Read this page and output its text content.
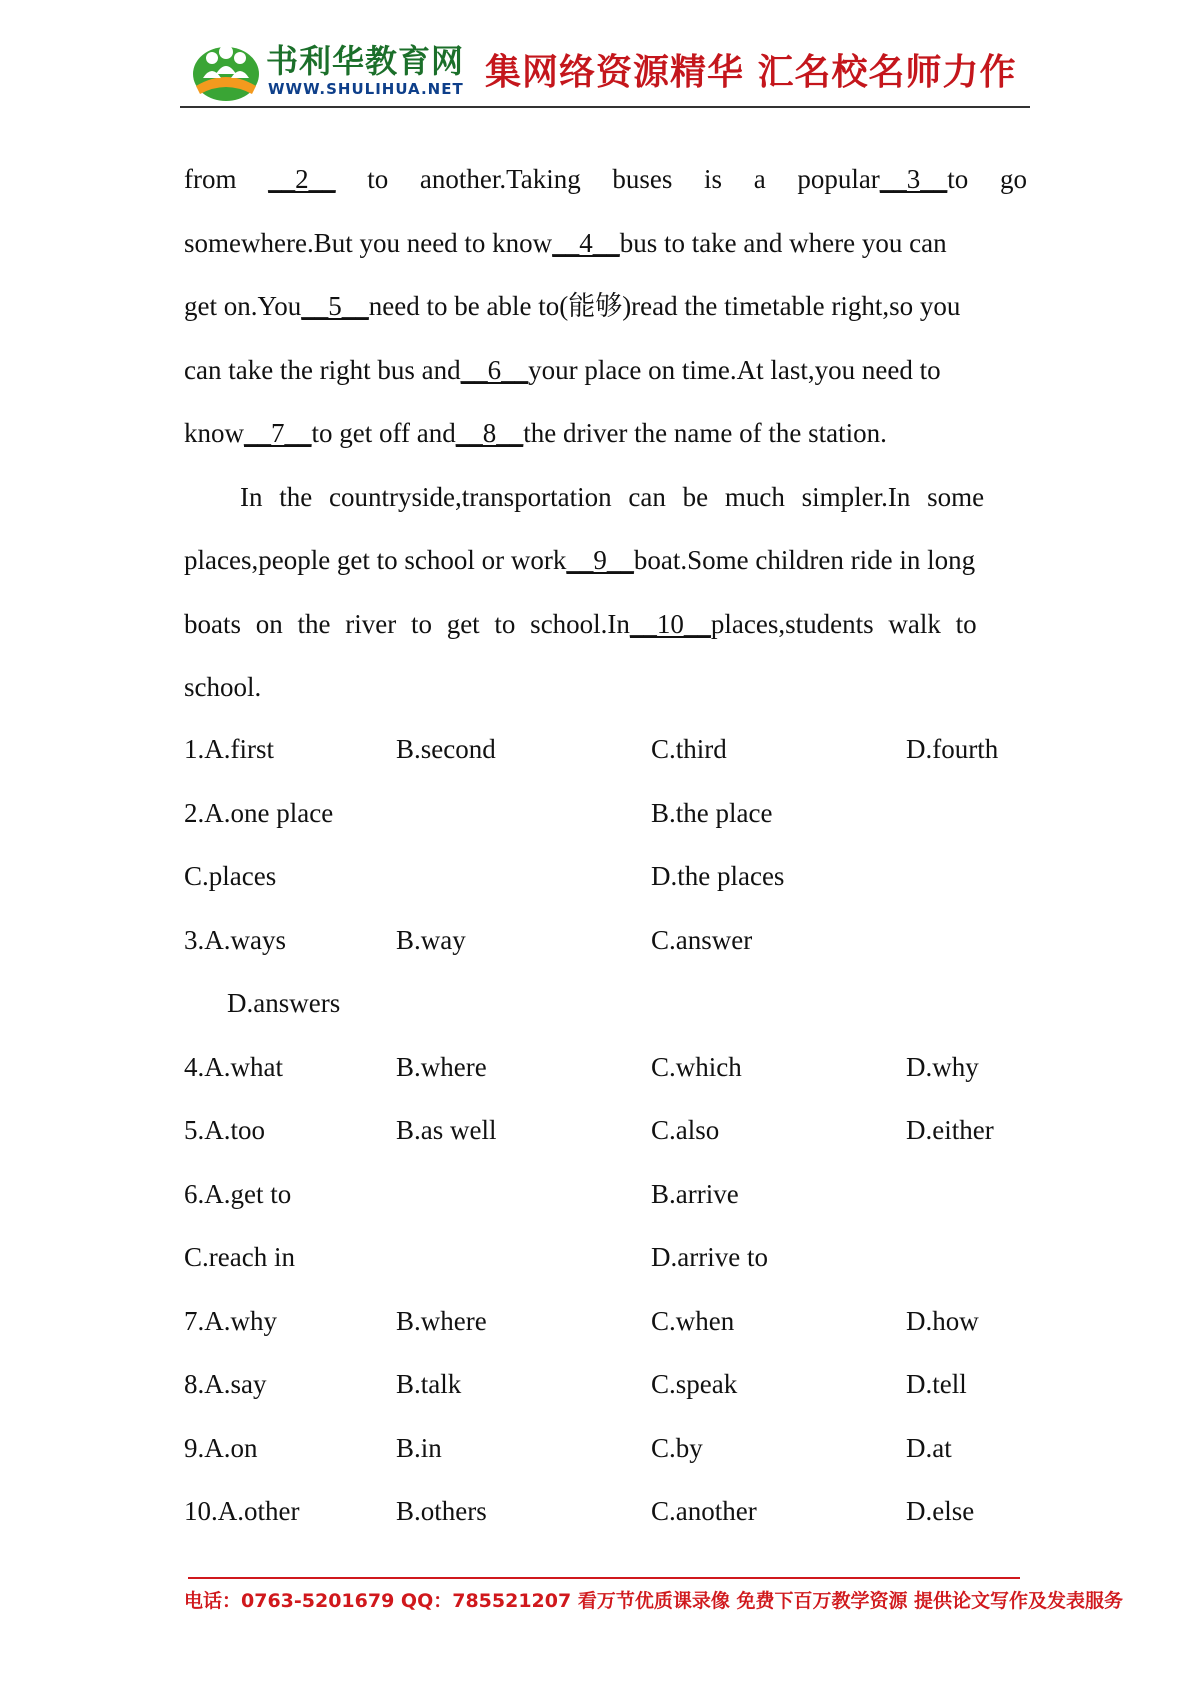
书利华教育网
WWW.SHULIHUA.NET 集网络资源精华 汇名校名师力作
from __2__ to another.Taking buses is a popular__3__to go
somewhere.But you need to know__4__bus to take and where you can
get on.You__5__need to be able to(能够)read the timetable right,so you
can take the right bus and__6__your place on time.At last,you need to
know__7__to get off and__8__the driver the name of the station.
In the countryside,transportation can be much simpler.In some
places,people get to school or work__9__boat.Some children ride in long
boats on the river to get to school.In__10__places,students walk to
school.
1.A.first	B.second	C.third	D.fourth
2.A.one place	B.the place
C.places	D.the places
3.A.ways	B.way	C.answer
D.answers
4.A.what	B.where	C.which	D.why
5.A.too	B.as well	C.also	D.either
6.A.get to	B.arrive
C.reach in	D.arrive to
7.A.why	B.where	C.when	D.how
8.A.say	B.talk	C.speak	D.tell
9.A.on	B.in	C.by	D.at
10.A.other	B.others	C.another	D.else
电话：0763-5201679 QQ：785521207 看万节优质课录像 免费下百万教学资源 提供论文写作及发表服务
